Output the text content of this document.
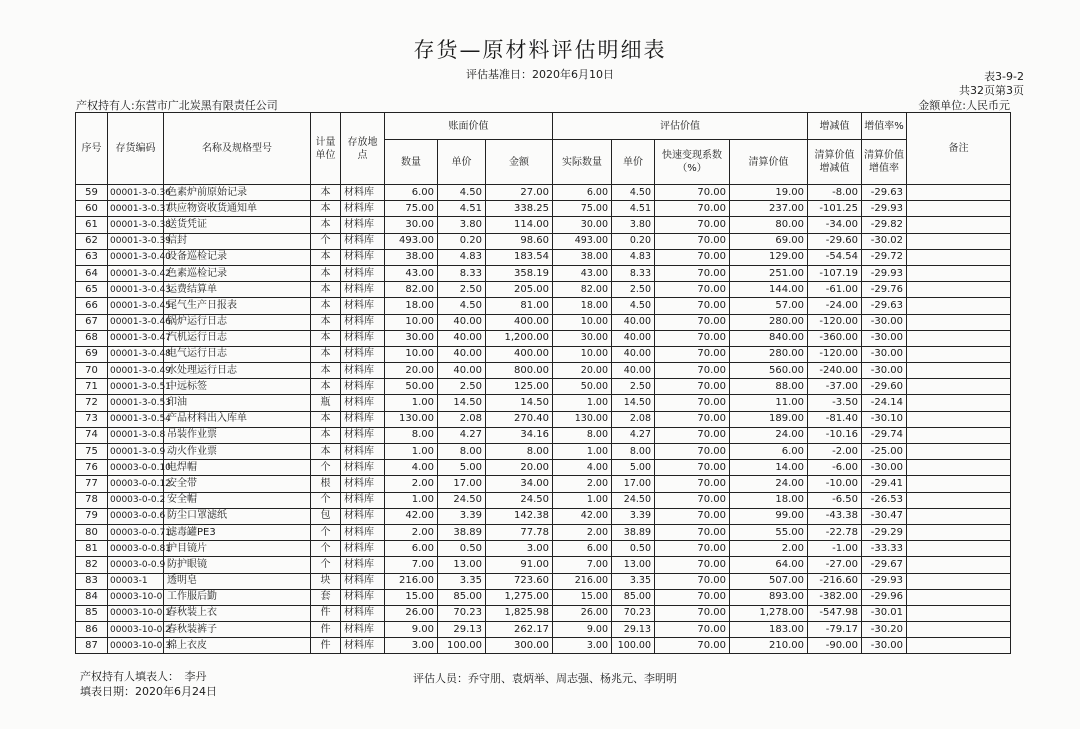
存货—原材料评估明细表
评估基准日：2020年6月10日	表3-9-2
共32页第3页
产权持有人:东营市广北炭黑有限责任公司	金额单位:人民币元
序号	存货编码	名称及规格型号	计量单位	存放地点	账面价值			评估价值				增减值	增值率%	备注
					数量	单价	金额	实际数量	单价	快速变现系数（%）	清算价值	清算价值增减值	清算价值增值率	
59	00001-3-0.36	色素炉前原始记录	本	材料库	6.00	4.50	27.00	6.00	4.50	70.00	19.00	-8.00	-29.63	
60	00001-3-0.37	供应物资收货通知单	本	材料库	75.00	4.51	338.25	75.00	4.51	70.00	237.00	-101.25	-29.93	
61	00001-3-0.38	送货凭证	本	材料库	30.00	3.80	114.00	30.00	3.80	70.00	80.00	-34.00	-29.82	
62	00001-3-0.39	信封	个	材料库	493.00	0.20	98.60	493.00	0.20	70.00	69.00	-29.60	-30.02	
63	00001-3-0.40	设备巡检记录	本	材料库	38.00	4.83	183.54	38.00	4.83	70.00	129.00	-54.54	-29.72	
64	00001-3-0.42	色素巡检记录	本	材料库	43.00	8.33	358.19	43.00	8.33	70.00	251.00	-107.19	-29.93	
65	00001-3-0.43	运费结算单	本	材料库	82.00	2.50	205.00	82.00	2.50	70.00	144.00	-61.00	-29.76	
66	00001-3-0.45	尾气生产日报表	本	材料库	18.00	4.50	81.00	18.00	4.50	70.00	57.00	-24.00	-29.63	
67	00001-3-0.46	锅炉运行日志	本	材料库	10.00	40.00	400.00	10.00	40.00	70.00	280.00	-120.00	-30.00	
68	00001-3-0.47	汽机运行日志	本	材料库	30.00	40.00	1,200.00	30.00	40.00	70.00	840.00	-360.00	-30.00	
69	00001-3-0.48	电气运行日志	本	材料库	10.00	40.00	400.00	10.00	40.00	70.00	280.00	-120.00	-30.00	
70	00001-3-0.49	水处理运行日志	本	材料库	20.00	40.00	800.00	20.00	40.00	70.00	560.00	-240.00	-30.00	
71	00001-3-0.51	中远标签	本	材料库	50.00	2.50	125.00	50.00	2.50	70.00	88.00	-37.00	-29.60	
72	00001-3-0.53	印油	瓶	材料库	1.00	14.50	14.50	1.00	14.50	70.00	11.00	-3.50	-24.14	
73	00001-3-0.54	产品材料出入库单	本	材料库	130.00	2.08	270.40	130.00	2.08	70.00	189.00	-81.40	-30.10	
74	00001-3-0.8	吊装作业票	本	材料库	8.00	4.27	34.16	8.00	4.27	70.00	24.00	-10.16	-29.74	
75	00001-3-0.9	动火作业票	本	材料库	1.00	8.00	8.00	1.00	8.00	70.00	6.00	-2.00	-25.00	
76	00003-0-0.10	电焊帽	个	材料库	4.00	5.00	20.00	4.00	5.00	70.00	14.00	-6.00	-30.00	
77	00003-0-0.12	安全带	根	材料库	2.00	17.00	34.00	2.00	17.00	70.00	24.00	-10.00	-29.41	
78	00003-0-0.2	安全帽	个	材料库	1.00	24.50	24.50	1.00	24.50	70.00	18.00	-6.50	-26.53	
79	00003-0-0.6	防尘口罩滤纸	包	材料库	42.00	3.39	142.38	42.00	3.39	70.00	99.00	-43.38	-30.47	
80	00003-0-0.71	滤毒罐PE3	个	材料库	2.00	38.89	77.78	2.00	38.89	70.00	55.00	-22.78	-29.29	
81	00003-0-0.81	护目镜片	个	材料库	6.00	0.50	3.00	6.00	0.50	70.00	2.00	-1.00	-33.33	
82	00003-0-0.9	防护眼镜	个	材料库	7.00	13.00	91.00	7.00	13.00	70.00	64.00	-27.00	-29.67	
83	00003-1	透明皂	块	材料库	216.00	3.35	723.60	216.00	3.35	70.00	507.00	-216.60	-29.93	
84	00003-10-0	工作服后勤	套	材料库	15.00	85.00	1,275.00	15.00	85.00	70.00	893.00	-382.00	-29.96	
85	00003-10-0.1	春秋装上衣	件	材料库	26.00	70.23	1,825.98	26.00	70.23	70.00	1,278.00	-547.98	-30.01	
86	00003-10-0.2	春秋装裤子	件	材料库	9.00	29.13	262.17	9.00	29.13	70.00	183.00	-79.17	-30.20	
87	00003-10-0.3	棉上衣皮	件	材料库	3.00	100.00	300.00	3.00	100.00	70.00	210.00	-90.00	-30.00	
产权持有人填表人：　李丹
填表日期：2020年6月24日
评估人员：乔守朋、袁炳举、周志强、杨兆元、李明明
